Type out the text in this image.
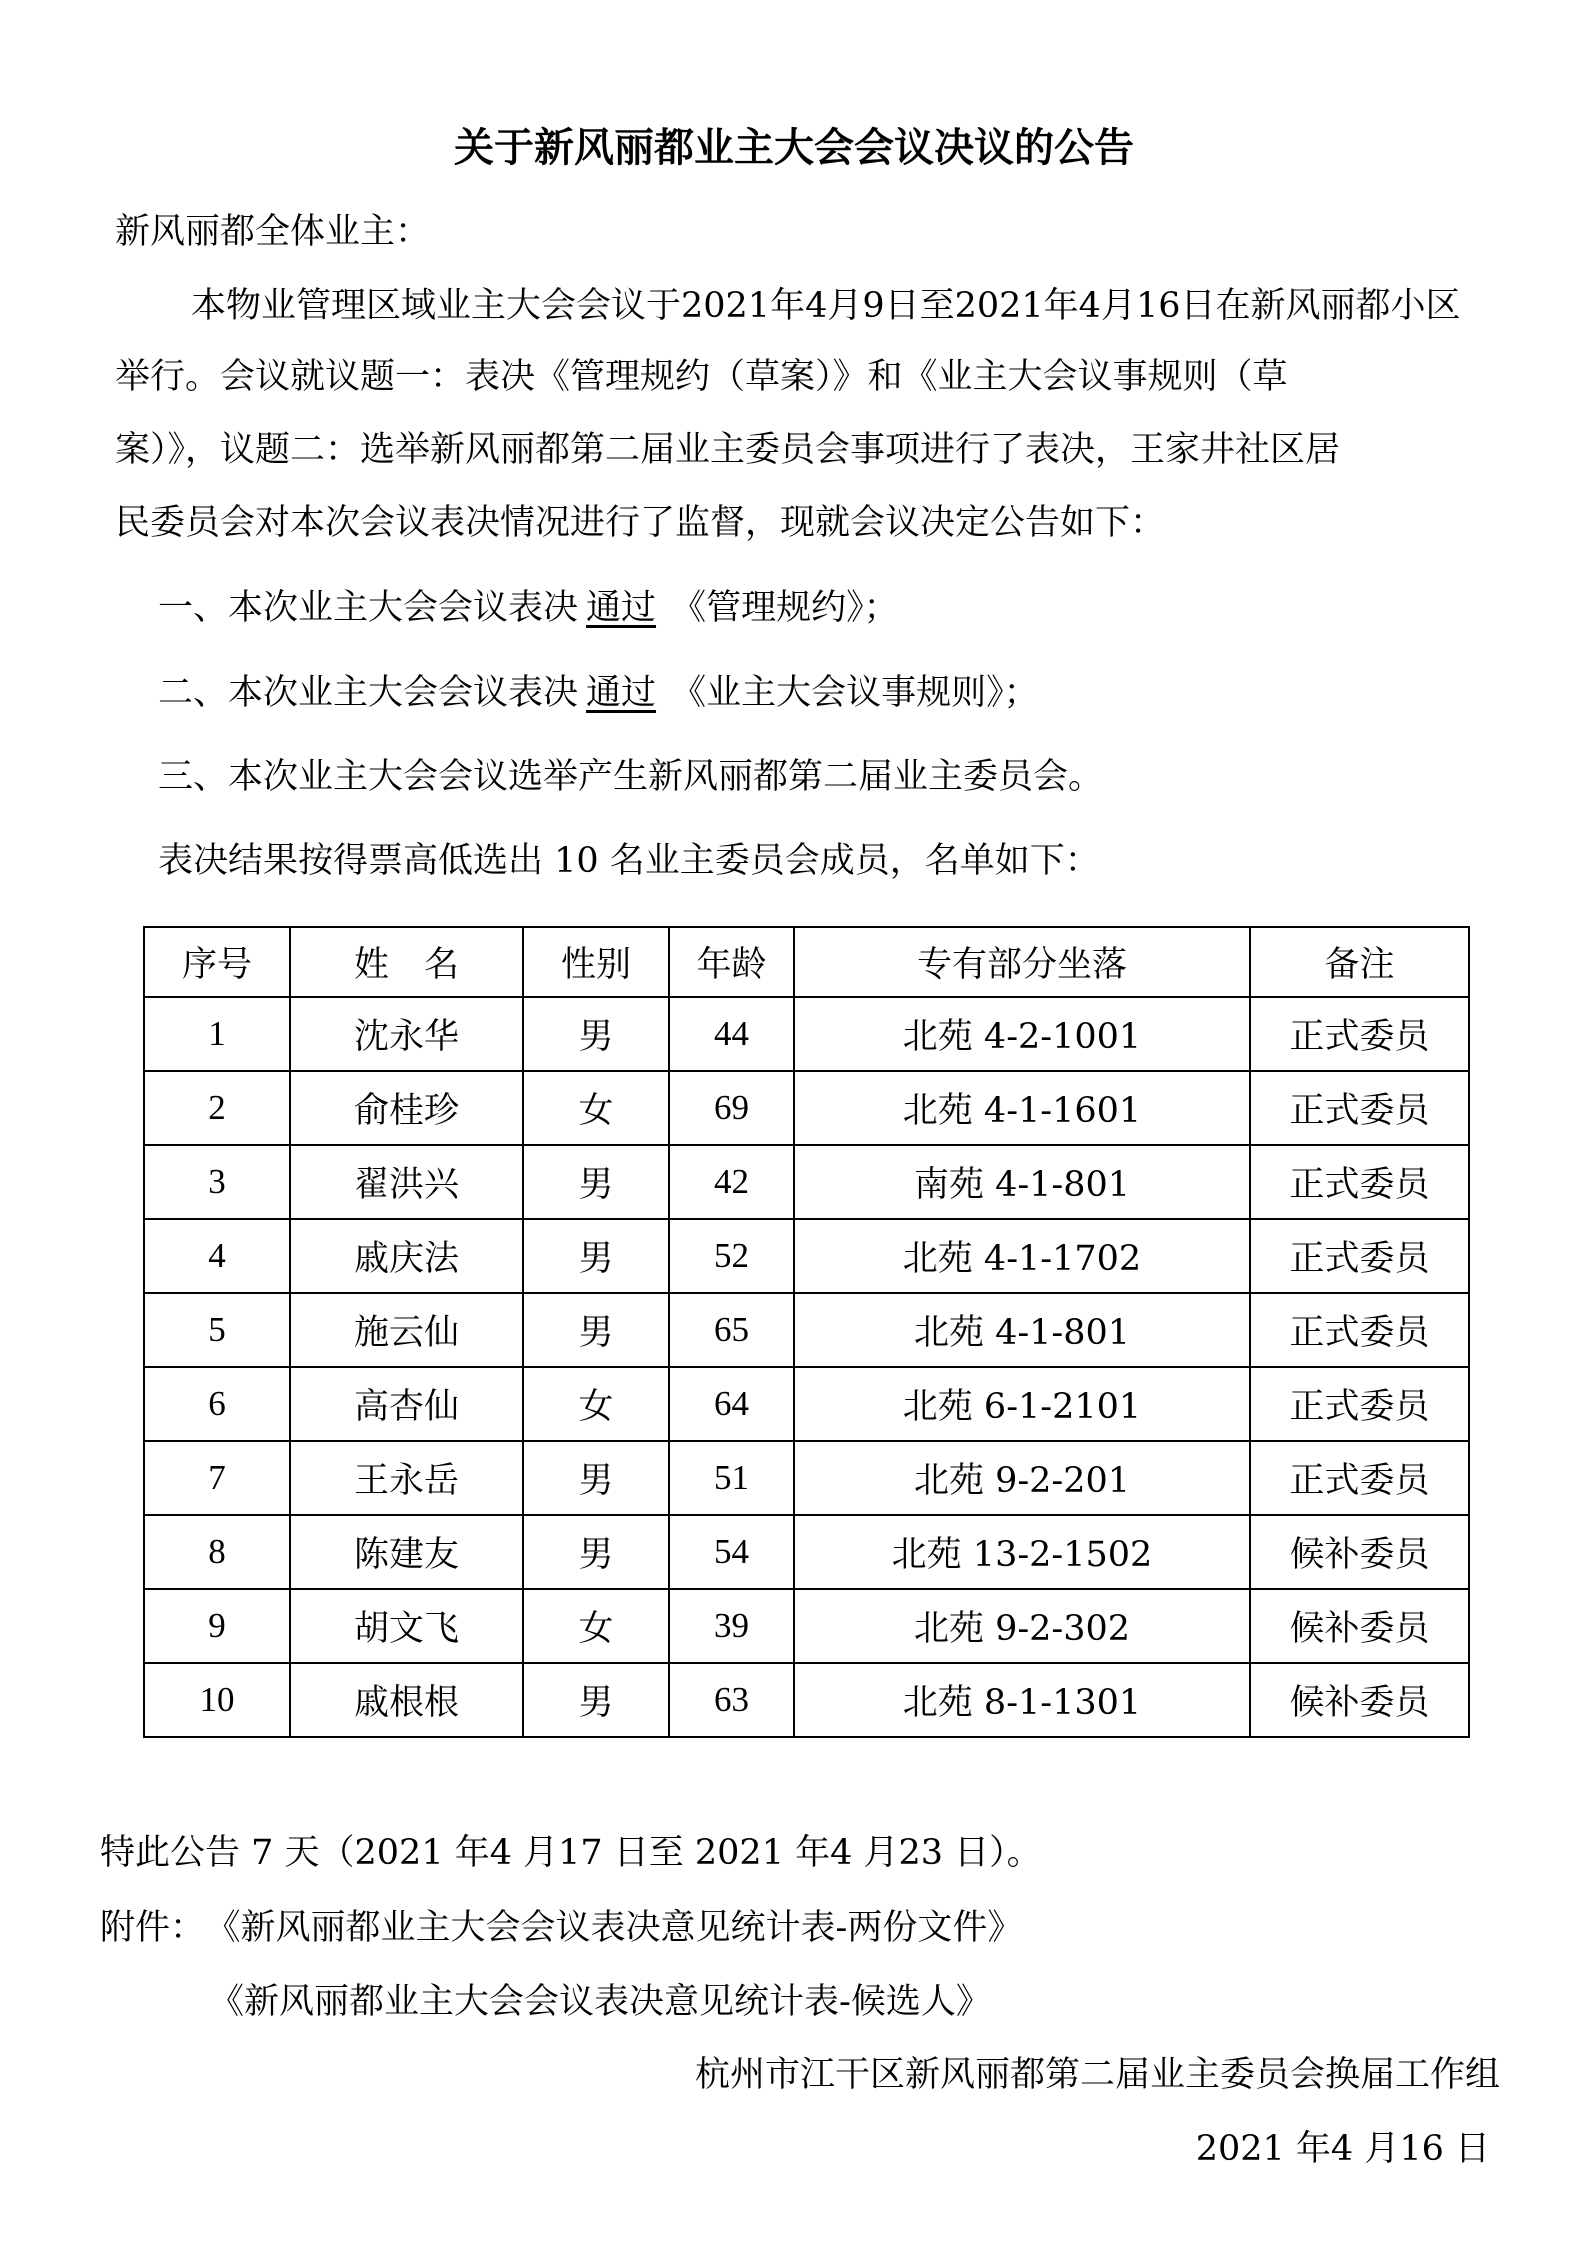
关于新风丽都业主大会会议决议的公告
新风丽都全体业主：
本物业管理区域业主大会会议于2021年4月9日至2021年4月16日在新风丽都小区
举行。会议就议题一：表决《管理规约（草案）》和《业主大会议事规则（草
案）》，议题二：选举新风丽都第二届业主委员会事项进行了表决，王家井社区居
民委员会对本次会议表决情况进行了监督，现就会议决定公告如下：
一、本次业主大会会议表决 通过 《管理规约》；
二、本次业主大会会议表决 通过 《业主大会议事规则》；
三、本次业主大会会议选举产生新风丽都第二届业主委员会。
表决结果按得票高低选出 10 名业主委员会成员，名单如下：
序号	姓　名	性别	年龄	专有部分坐落	备注
1	沈永华	男	44	北苑 4-2-1001	正式委员
2	俞桂珍	女	69	北苑 4-1-1601	正式委员
3	翟洪兴	男	42	南苑 4-1-801	正式委员
4	戚庆法	男	52	北苑 4-1-1702	正式委员
5	施云仙	男	65	北苑 4-1-801	正式委员
6	高杏仙	女	64	北苑 6-1-2101	正式委员
7	王永岳	男	51	北苑 9-2-201	正式委员
8	陈建友	男	54	北苑 13-2-1502	候补委员
9	胡文飞	女	39	北苑 9-2-302	候补委员
10	戚根根	男	63	北苑 8-1-1301	候补委员
特此公告 7 天（2021 年4 月17 日至 2021 年4 月23 日）。
附件： 《新风丽都业主大会会议表决意见统计表-两份文件》
《新风丽都业主大会会议表决意见统计表-候选人》
杭州市江干区新风丽都第二届业主委员会换届工作组
2021 年4 月16 日
